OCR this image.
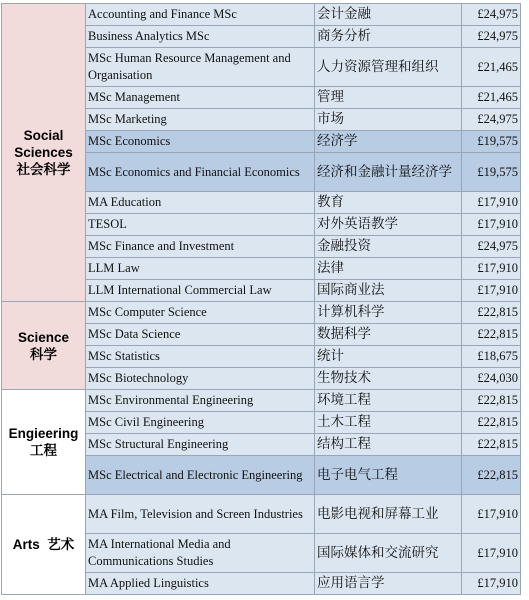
Social Sciences
社会科学	Accounting and Finance MSc	会计金融	£24,975
	Business Analytics MSc	商务分析	£24,975
	MSc Human Resource Management and Organisation	人力资源管理和组织	£21,465
	MSc Management	管理	£21,465
	MSc Marketing	市场	£24,975
	MSc Economics	经济学	£19,575
	MSc Economics and Financial Economics	经济和金融计量经济学	£19,575
	MA Education	教育	£17,910
	TESOL	对外英语教学	£17,910
	MSc Finance and Investment	金融投资	£24,975
	LLM Law	法律	£17,910
	LLM International Commercial Law	国际商业法	£17,910
Science
科学	MSc Computer Science	计算机科学	£22,815
	MSc Data Science	数据科学	£22,815
	MSc Statistics	统计	£18,675
	MSc Biotechnology	生物技术	£24,030
Engieering
工程	MSc Environmental Engineering	环境工程	£22,815
	MSc Civil Engineering	土木工程	£22,815
	MSc Structural Engineering	结构工程	£22,815
	MSc Electrical and Electronic Engineering	电子电气工程	£22,815
Arts 艺术	MA Film, Television and Screen Industries	电影电视和屏幕工业	£17,910
	MA International Media and Communications Studies	国际媒体和交流研究	£17,910
	MA Applied Linguistics	应用语言学	£17,910
